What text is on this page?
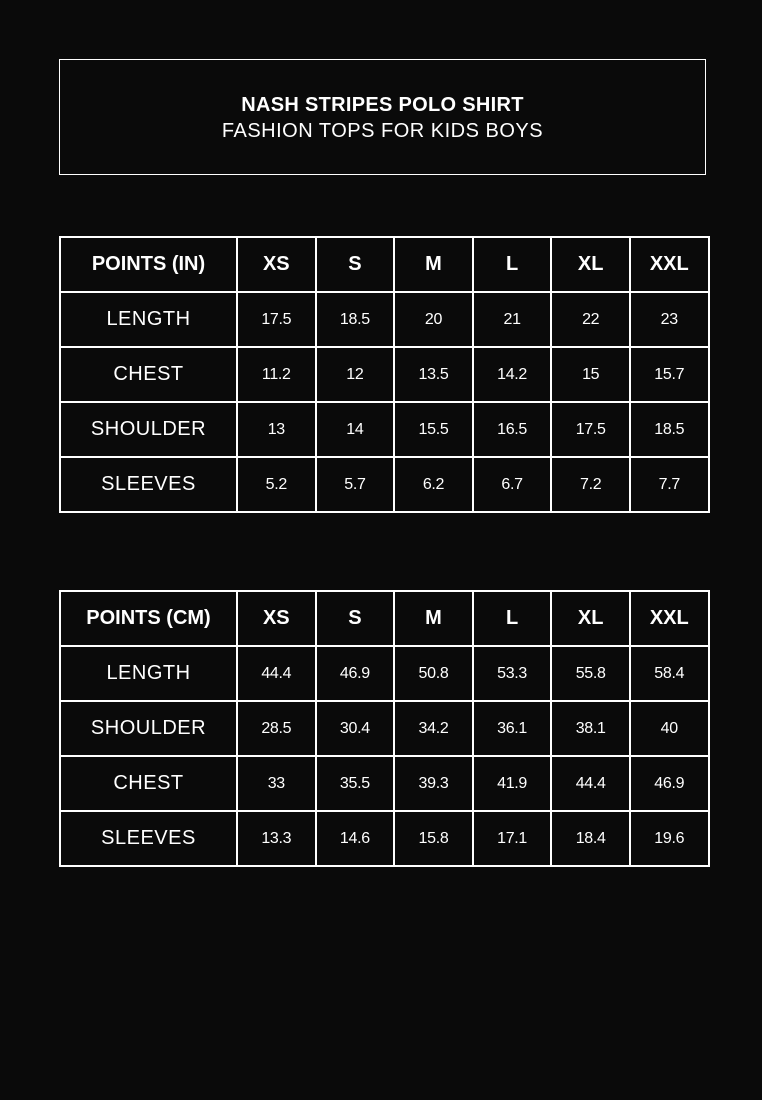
NASH STRIPES POLO SHIRT
FASHION TOPS FOR KIDS BOYS
POINTS (IN)	XS	S	M	L	XL	XXL
LENGTH	17.5	18.5	20	21	22	23
CHEST	11.2	12	13.5	14.2	15	15.7
SHOULDER	13	14	15.5	16.5	17.5	18.5
SLEEVES	5.2	5.7	6.2	6.7	7.2	7.7
POINTS (CM)	XS	S	M	L	XL	XXL
LENGTH	44.4	46.9	50.8	53.3	55.8	58.4
SHOULDER	28.5	30.4	34.2	36.1	38.1	40
CHEST	33	35.5	39.3	41.9	44.4	46.9
SLEEVES	13.3	14.6	15.8	17.1	18.4	19.6
